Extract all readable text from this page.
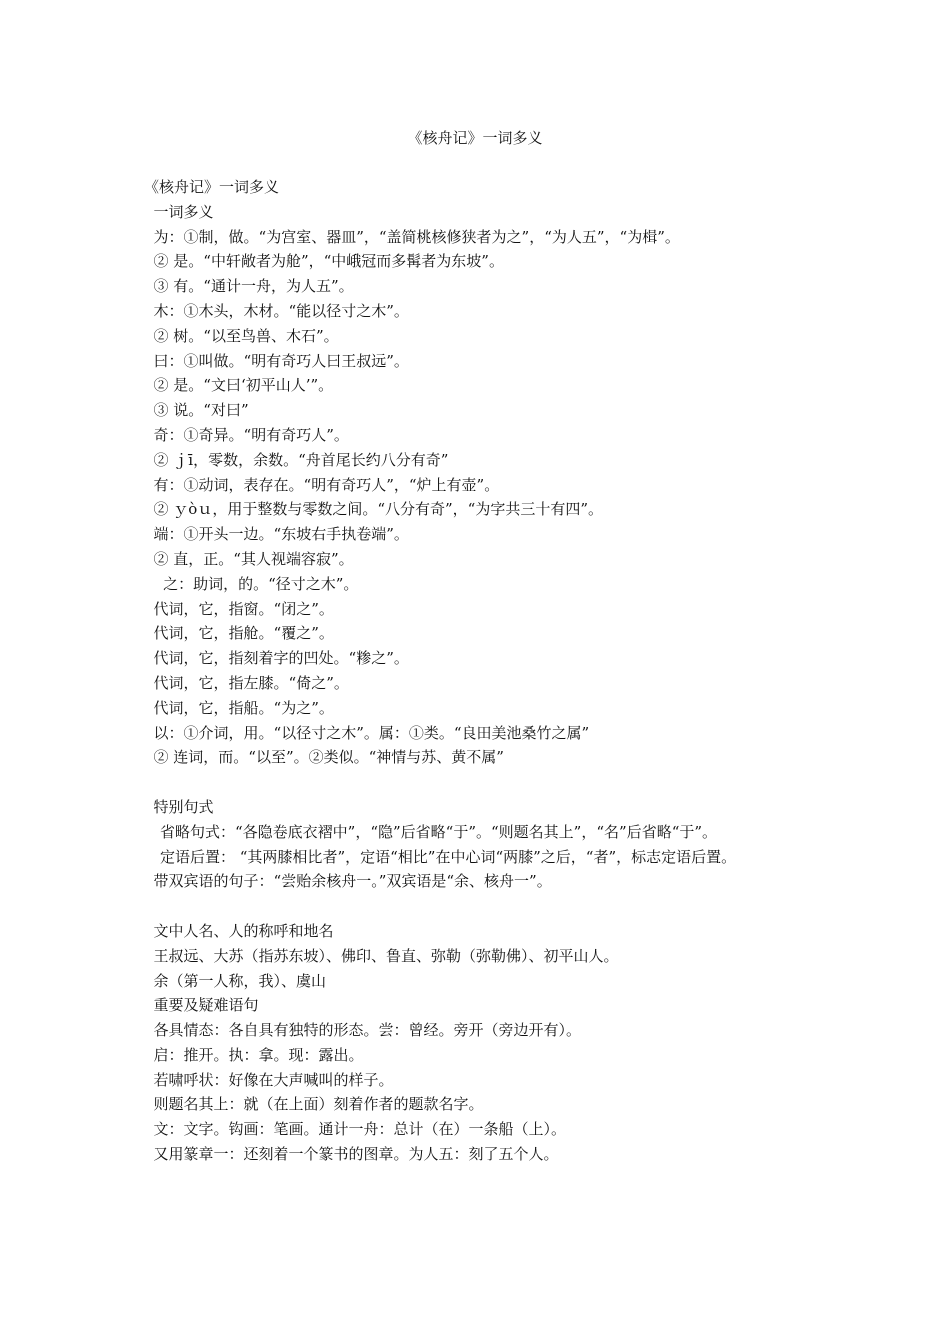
《核舟记》一词多义
《核舟记》一词多义
一词多义
为：①制，做。“为宫室、器皿”，“盖简桃核修狭者为之”，“为人五”，“为楫”。
② 是。“中轩敞者为舱”，“中峨冠而多髯者为东坡”。
③ 有。“通计一舟，为人五”。
木：①木头，木材。“能以径寸之木”。
② 树。“以至鸟兽、木石”。
曰：①叫做。“明有奇巧人曰王叔远”。
② 是。“文曰‘初平山人’”。
③ 说。“对曰”
奇：①奇异。“明有奇巧人”。
② ｊī，零数，余数。“舟首尾长约八分有奇”
有：①动词，表存在。“明有奇巧人”，“炉上有壶”。
② ｙòｕ，用于整数与零数之间。“八分有奇”，“为字共三十有四”。
端：①开头一边。“东坡右手执卷端”。
② 直，正。“其人视端容寂”。
之：助词，的。“径寸之木”。
代词，它，指窗。“闭之”。
代词，它，指舱。“覆之”。
代词，它，指刻着字的凹处。“糁之”。
代词，它，指左膝。“倚之”。
代词，它，指船。“为之”。
以：①介词，用。“以径寸之木”。属：①类。“良田美池桑竹之属”
② 连词，而。“以至”。②类似。“神情与苏、黄不属”
特别句式
省略句式：“各隐卷底衣褶中”，“隐”后省略“于”。“则题名其上”，“名”后省略“于”。
定语后置： “其两膝相比者”，定语“相比”在中心词“两膝”之后，“者”，标志定语后置。
带双宾语的句子：“尝贻余核舟一。”双宾语是“余、核舟一”。
文中人名、人的称呼和地名
王叔远、大苏（指苏东坡）、佛印、鲁直、弥勒（弥勒佛）、初平山人。
余（第一人称，我）、虞山
重要及疑难语句
各具情态：各自具有独特的形态。尝：曾经。旁开（旁边开有）。
启：推开。执：拿。现：露出。
若啸呼状：好像在大声喊叫的样子。
则题名其上：就（在上面）刻着作者的题款名字。
文：文字。钩画：笔画。通计一舟：总计（在）一条船（上）。
又用篆章一：还刻着一个篆书的图章。为人五：刻了五个人。
